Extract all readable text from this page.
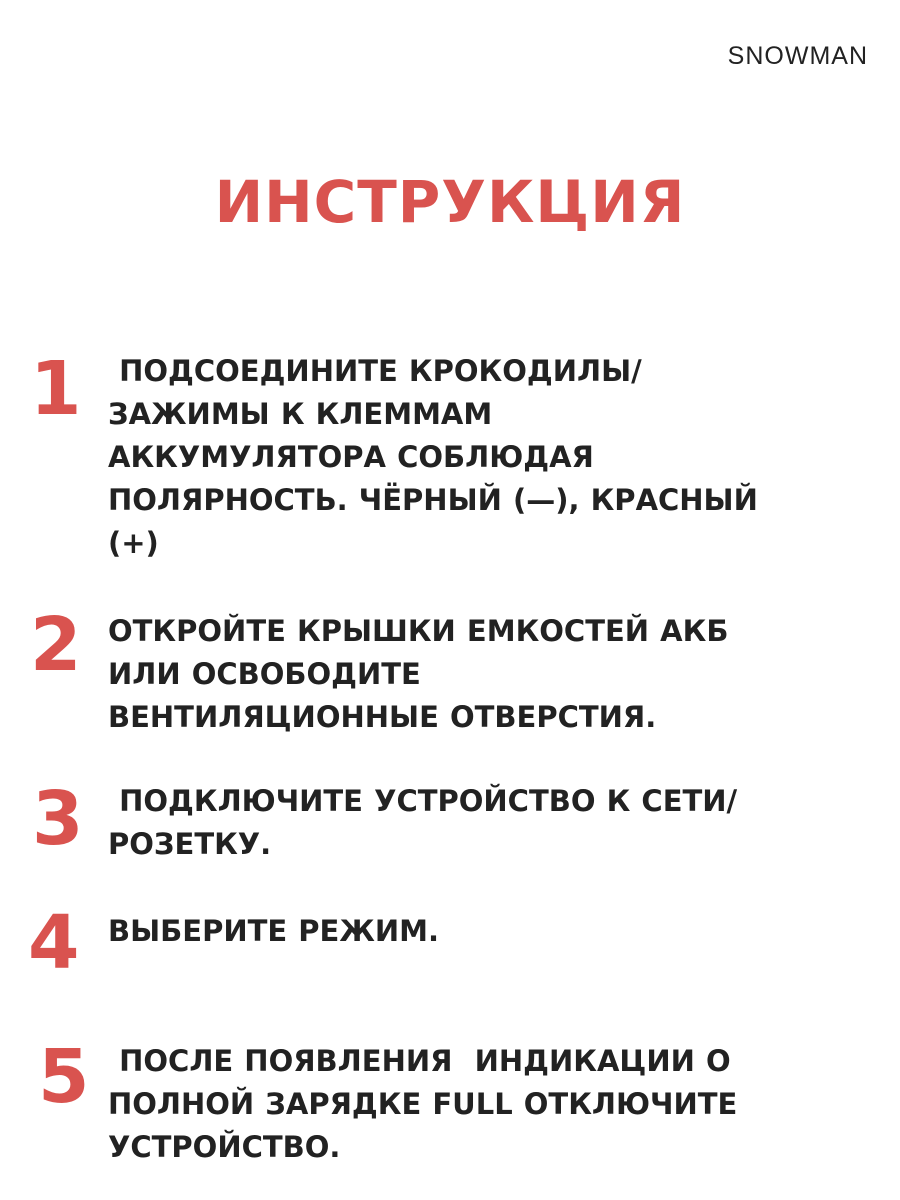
SNOWMAN
ИНСТРУКЦИЯ
1	ПОДСОЕДИНИТЕ КРОКОДИЛЫ/
ЗАЖИМЫ К КЛЕММАМ
АККУМУЛЯТОРА СОБЛЮДАЯ
ПОЛЯРНОСТЬ. ЧЁРНЫЙ (—), КРАСНЫЙ
(+)
2 ОТКРОЙТЕ КРЫШКИ ЕМКОСТЕЙ АКБ
ИЛИ ОСВОБОДИТЕ
ВЕНТИЛЯЦИОННЫЕ ОТВЕРСТИЯ.
3	ПОДКЛЮЧИТЕ УСТРОЙСТВО К СЕТИ/
РОЗЕТКУ.
4 ВЫБЕРИТЕ РЕЖИМ.
5	ПОСЛЕ ПОЯВЛЕНИЯ  ИНДИКАЦИИ О
ПОЛНОЙ ЗАРЯДКЕ FULL ОТКЛЮЧИТЕ
УСТРОЙСТВО.
